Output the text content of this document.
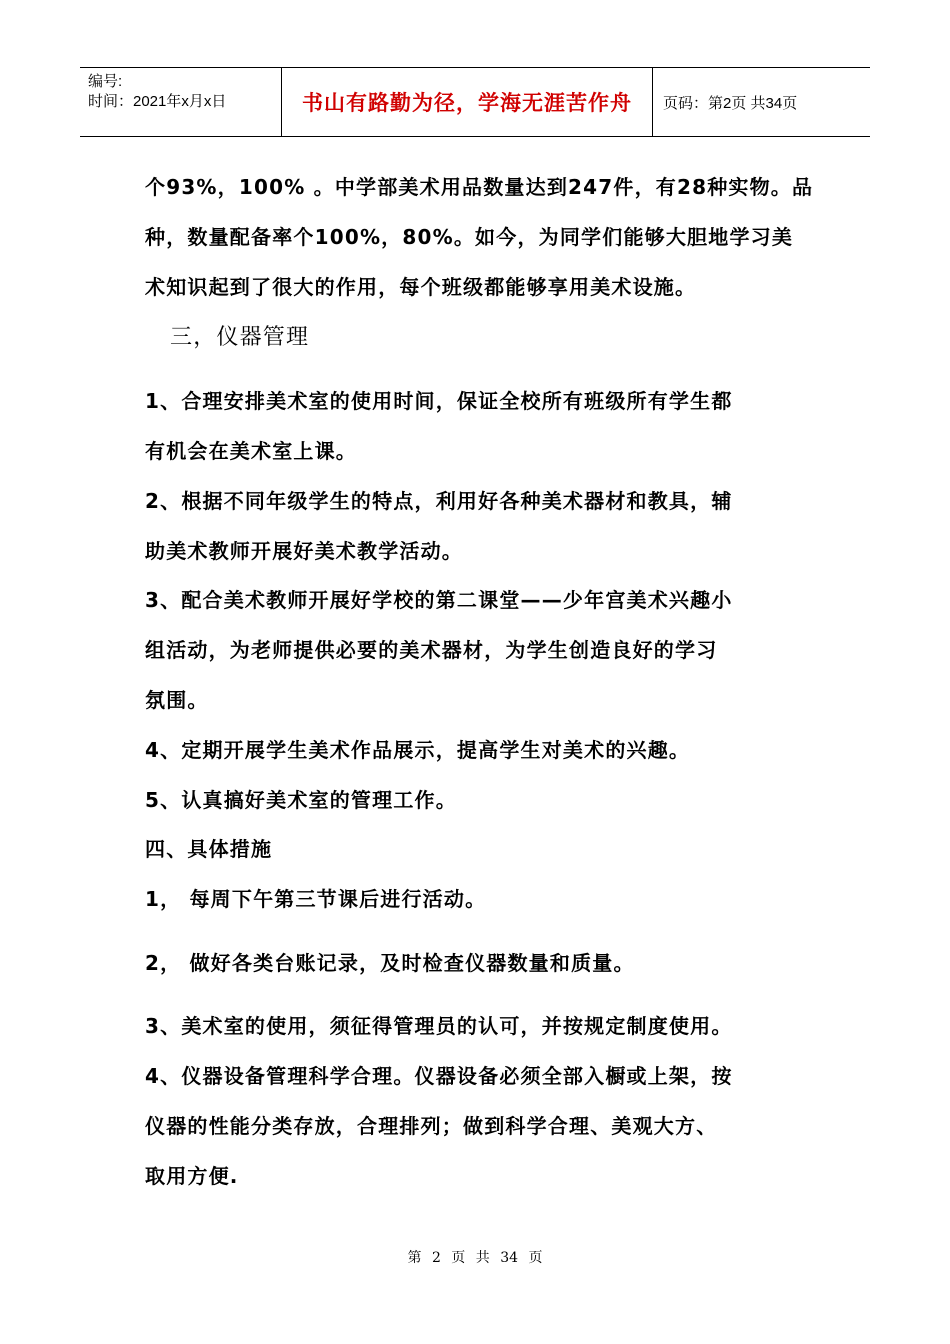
编号:
时间：2021年x月x日	书山有路勤为径，学海无涯苦作舟	页码：第2页 共34页
个93%，100% 。中学部美术用品数量达到247件，有28种实物。品
种，数量配备率个100%，80%。如今，为同学们能够大胆地学习美
术知识起到了很大的作用，每个班级都能够享用美术设施。
三，仪器管理
1、合理安排美术室的使用时间，保证全校所有班级所有学生都
有机会在美术室上课。
2、根据不同年级学生的特点，利用好各种美术器材和教具，辅
助美术教师开展好美术教学活动。
3、配合美术教师开展好学校的第二课堂——少年宫美术兴趣小
组活动，为老师提供必要的美术器材，为学生创造良好的学习
氛围。
4、定期开展学生美术作品展示，提高学生对美术的兴趣。
5、认真搞好美术室的管理工作。
四、具体措施
1， 每周下午第三节课后进行活动。
2， 做好各类台账记录，及时检查仪器数量和质量。
3、美术室的使用，须征得管理员的认可，并按规定制度使用。
4、仪器设备管理科学合理。仪器设备必须全部入橱或上架，按
仪器的性能分类存放，合理排列；做到科学合理、美观大方、
取用方便.
第 2 页 共 34 页
